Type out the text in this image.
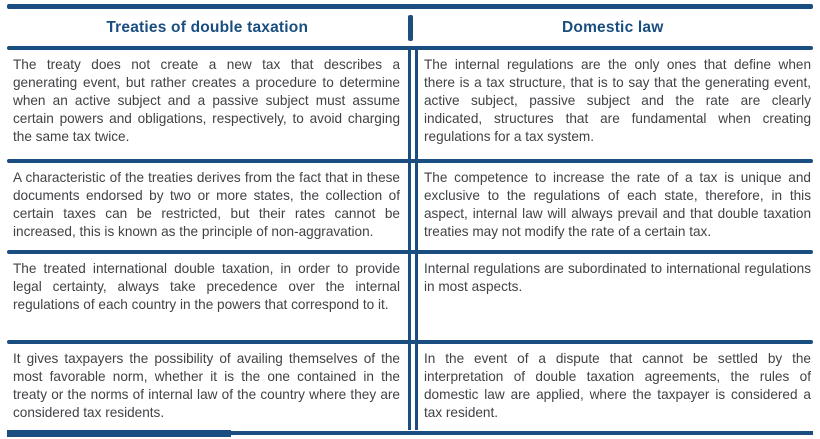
Treaties of double taxation	Domestic law
The treaty does not create a new tax that describes a generating event, but rather creates a procedure to determine when an active subject and a passive subject must assume certain powers and obligations, respectively, to avoid charging the same tax twice.
The internal regulations are the only ones that define when there is a tax structure, that is to say that the generating event, active subject, passive subject and the rate are clearly indicated, structures that are fundamental when creating regulations for a tax system.
A characteristic of the treaties derives from the fact that in these documents endorsed by two or more states, the collection of certain taxes can be restricted, but their rates cannot be increased, this is known as the principle of non-aggravation.
The competence to increase the rate of a tax is unique and exclusive to the regulations of each state, therefore, in this aspect, internal law will always prevail and that double taxation treaties may not modify the rate of a certain tax.
The treated international double taxation, in order to provide legal certainty, always take precedence over the internal regulations of each country in the powers that correspond to it.
Internal regulations are subordinated to international regulations in most aspects.
It gives taxpayers the possibility of availing themselves of the most favorable norm, whether it is the one contained in the treaty or the norms of internal law of the country where they are considered tax residents.
In the event of a dispute that cannot be settled by the interpretation of double taxation agreements, the rules of domestic law are applied, where the taxpayer is considered a tax resident.
